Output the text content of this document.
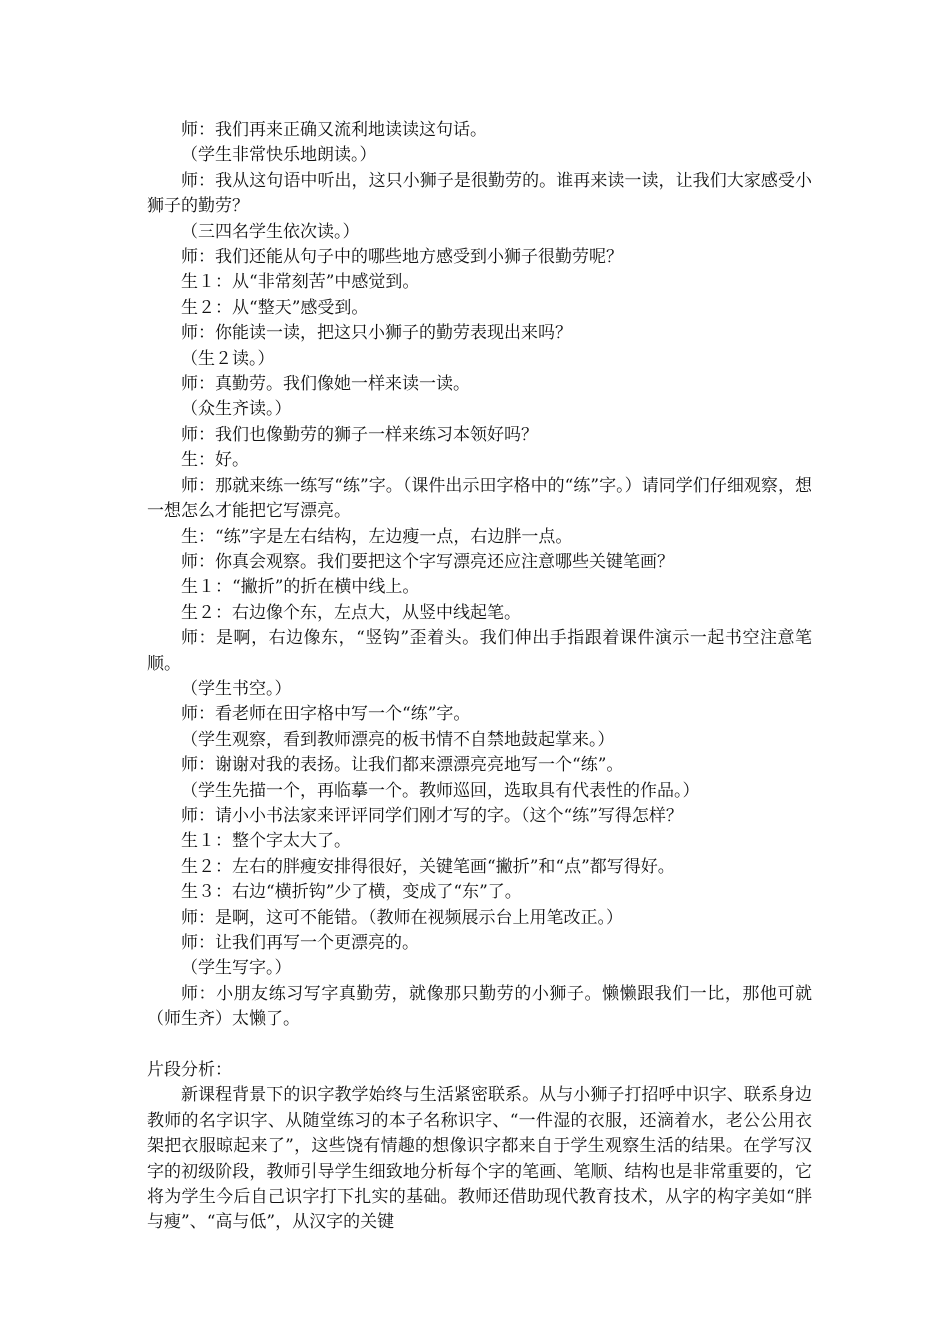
师：我们再来正确又流利地读读这句话。

（学生非常快乐地朗读。）

师：我从这句语中听出，这只小狮子是很勤劳的。谁再来读一读，让我们大家感受小狮子的勤劳？

（三四名学生依次读。）

师：我们还能从句子中的哪些地方感受到小狮子很勤劳呢？

生１：从“非常刻苦”中感觉到。

生２：从“整天”感受到。

师：你能读一读，把这只小狮子的勤劳表现出来吗？

（生２读。）

师：真勤劳。我们像她一样来读一读。

（众生齐读。）

师：我们也像勤劳的狮子一样来练习本领好吗？

生：好。

师：那就来练一练写“练”字。（课件出示田字格中的“练”字。）请同学们仔细观察，想一想怎么才能把它写漂亮。

生：“练”字是左右结构，左边瘦一点，右边胖一点。

师：你真会观察。我们要把这个字写漂亮还应注意哪些关键笔画？

生１：“撇折”的折在横中线上。

生２：右边像个东，左点大，从竖中线起笔。

师：是啊，右边像东，“竖钩”歪着头。我们伸出手指跟着课件演示一起书空注意笔顺。

（学生书空。）

师：看老师在田字格中写一个“练”字。

（学生观察，看到教师漂亮的板书情不自禁地鼓起掌来。）

师：谢谢对我的表扬。让我们都来漂漂亮亮地写一个“练”。

（学生先描一个，再临摹一个。教师巡回，选取具有代表性的作品。）

师：请小小书法家来评评同学们刚才写的字。（这个“练”写得怎样？

生１：整个字太大了。

生２：左右的胖瘦安排得很好，关键笔画“撇折”和“点”都写得好。

生３：右边“横折钩”少了横，变成了“东”了。

师：是啊，这可不能错。（教师在视频展示台上用笔改正。）

师：让我们再写一个更漂亮的。

（学生写字。）

师：小朋友练习写字真勤劳，就像那只勤劳的小狮子。懒懒跟我们一比，那他可就（师生齐）太懒了。

片段分析：

新课程背景下的识字教学始终与生活紧密联系。从与小狮子打招呼中识字、联系身边教师的名字识字、从随堂练习的本子名称识字、“一件湿的衣服，还滴着水，老公公用衣架把衣服晾起来了”，这些饶有情趣的想像识字都来自于学生观察生活的结果。在学写汉字的初级阶段，教师引导学生细致地分析每个字的笔画、笔顺、结构也是非常重要的，它将为学生今后自己识字打下扎实的基础。教师还借助现代教育技术，从字的构字美如“胖与瘦”、“高与低”，从汉字的关键
